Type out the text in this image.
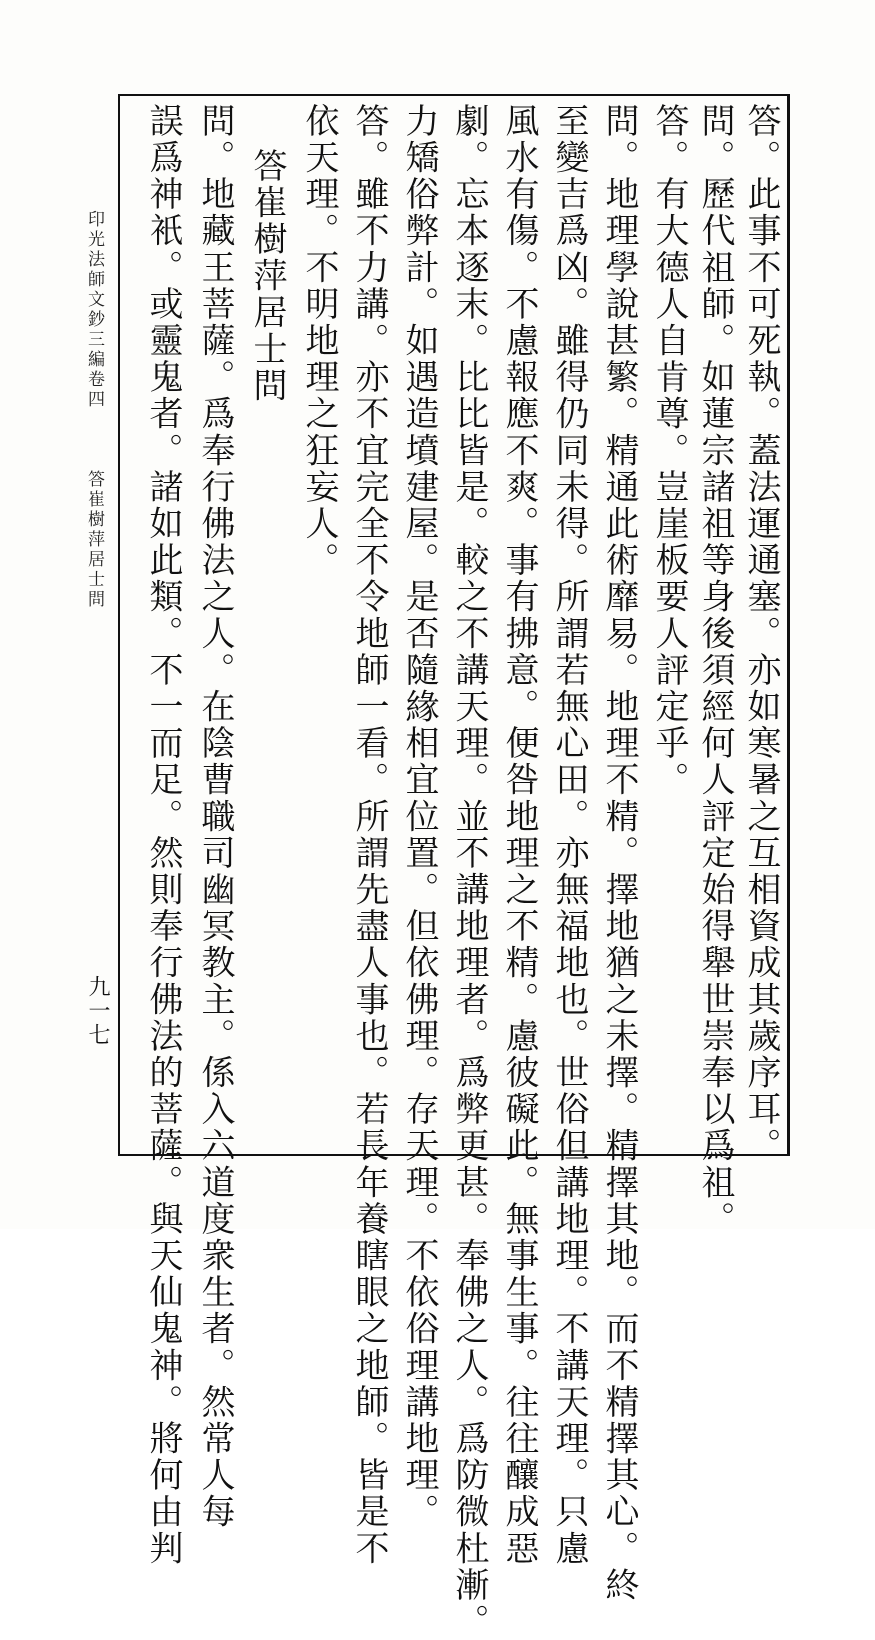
答。此事不可死執。蓋法運通塞。亦如寒暑之互相資成其歲序耳。
問。歷代祖師。如蓮宗諸祖等身後須經何人評定始得舉世崇奉以爲祖。
答。有大德人自肯尊。豈崖板要人評定乎。
問。地理學說甚繁。精通此術靡易。地理不精。擇地猶之未擇。精擇其地。而不精擇其心。終
至變吉爲凶。雖得仍同未得。所謂若無心田。亦無福地也。世俗但講地理。不講天理。只慮
風水有傷。不慮報應不爽。事有拂意。便咎地理之不精。慮彼礙此。無事生事。往往釀成惡
劇。忘本逐末。比比皆是。較之不講天理。並不講地理者。爲弊更甚。奉佛之人。爲防微杜漸。
力矯俗弊計。如遇造墳建屋。是否隨緣相宜位置。但依佛理。存天理。不依俗理講地理。
答。雖不力講。亦不宜完全不令地師一看。所謂先盡人事也。若長年養瞎眼之地師。皆是不
依天理。不明地理之狂妄人。
答崔樹萍居士問
問。地藏王菩薩。爲奉行佛法之人。在陰曹職司幽冥教主。係入六道度衆生者。然常人每
誤爲神衹。或靈鬼者。諸如此類。不一而足。然則奉行佛法的菩薩。與天仙鬼神。將何由判
印光法師文鈔三編卷四
答崔樹萍居士問
九一七
